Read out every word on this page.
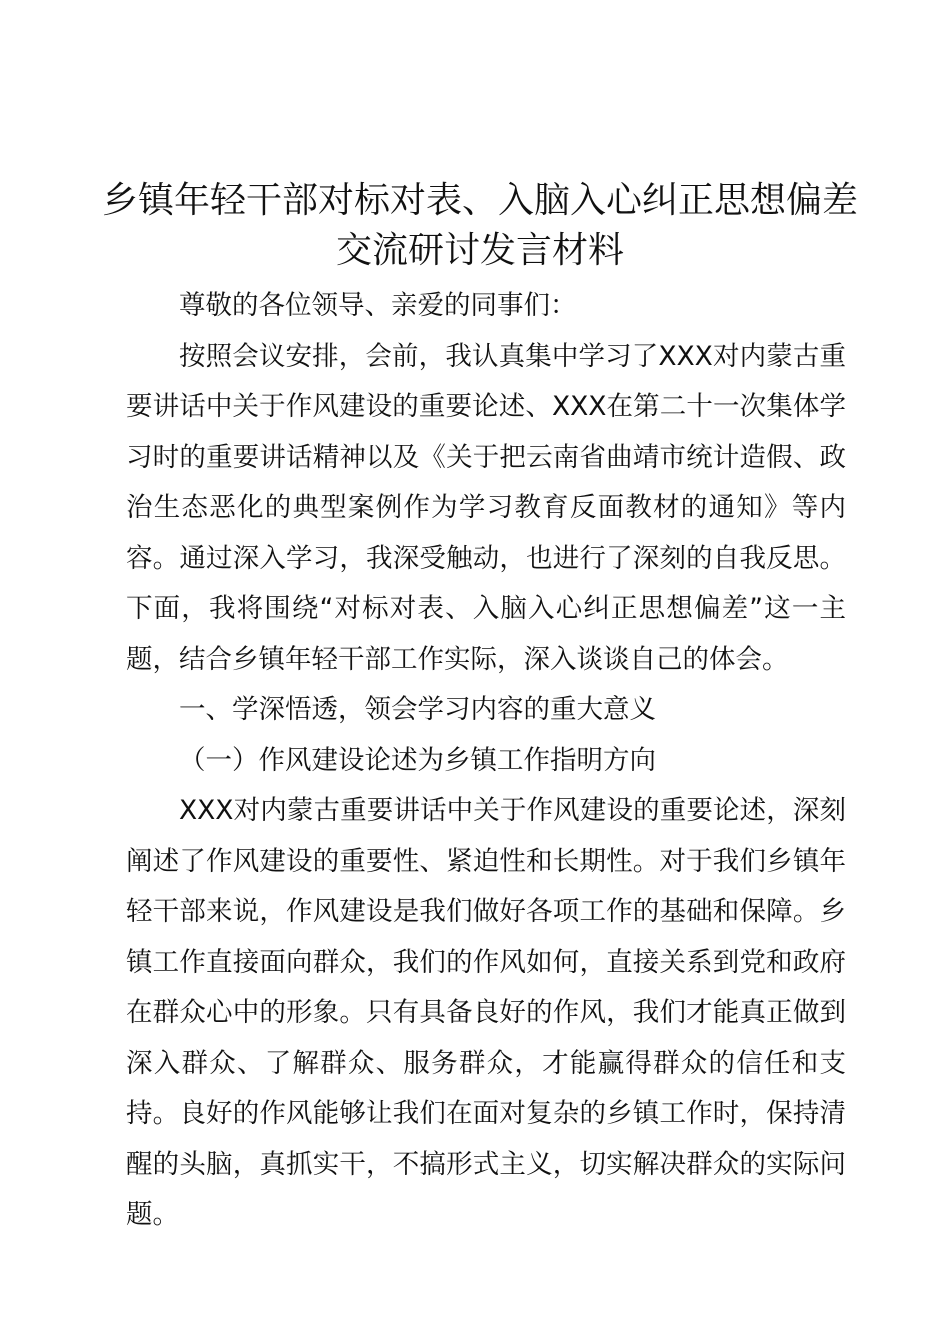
乡镇年轻干部对标对表、入脑入心纠正思想偏差交流研讨发言材料

尊敬的各位领导、亲爱的同事们：

按照会议安排，会前，我认真集中学习了XXX对内蒙古重要讲话中关于作风建设的重要论述、XXX在第二十一次集体学习时的重要讲话精神以及《关于把云南省曲靖市统计造假、政治生态恶化的典型案例作为学习教育反面教材的通知》等内容。通过深入学习，我深受触动，也进行了深刻的自我反思。下面，我将围绕“对标对表、入脑入心纠正思想偏差”这一主题，结合乡镇年轻干部工作实际，深入谈谈自己的体会。

一、学深悟透，领会学习内容的重大意义

（一）作风建设论述为乡镇工作指明方向

XXX对内蒙古重要讲话中关于作风建设的重要论述，深刻阐述了作风建设的重要性、紧迫性和长期性。对于我们乡镇年轻干部来说，作风建设是我们做好各项工作的基础和保障。乡镇工作直接面向群众，我们的作风如何，直接关系到党和政府在群众心中的形象。只有具备良好的作风，我们才能真正做到深入群众、了解群众、服务群众，才能赢得群众的信任和支持。良好的作风能够让我们在面对复杂的乡镇工作时，保持清醒的头脑，真抓实干，不搞形式主义，切实解决群众的实际问题。
